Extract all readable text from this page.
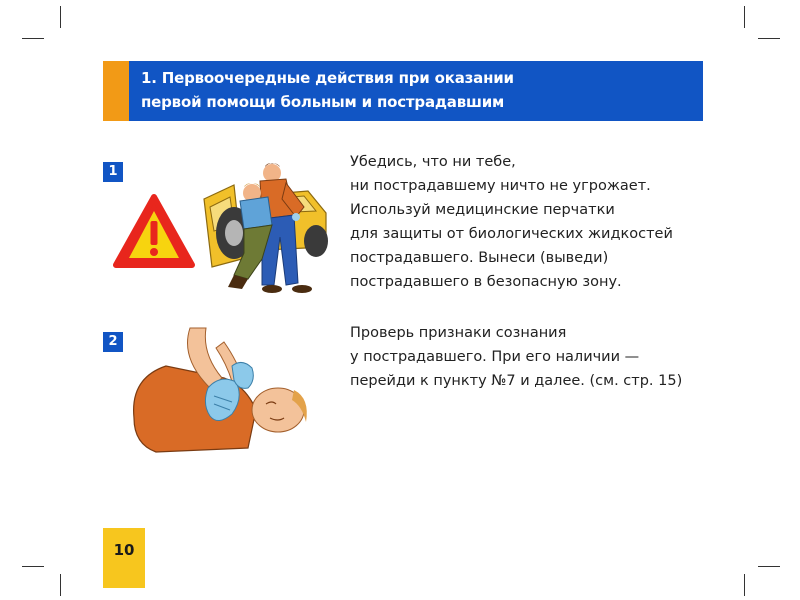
1. Первоочередные действия при оказании
первой помощи больным и пострадавшим
1
Убедись, что ни тебе,
ни пострадавшему ничто не угрожает.
Используй медицинские перчатки
для защиты от биологических жидкостей
пострадавшего. Вынеси (выведи)
пострадавшего в безопасную зону.
2
Проверь признаки сознания
у пострадавшего. При его наличии —
перейди к пункту №7 и далее. (см. стр. 15)
10
